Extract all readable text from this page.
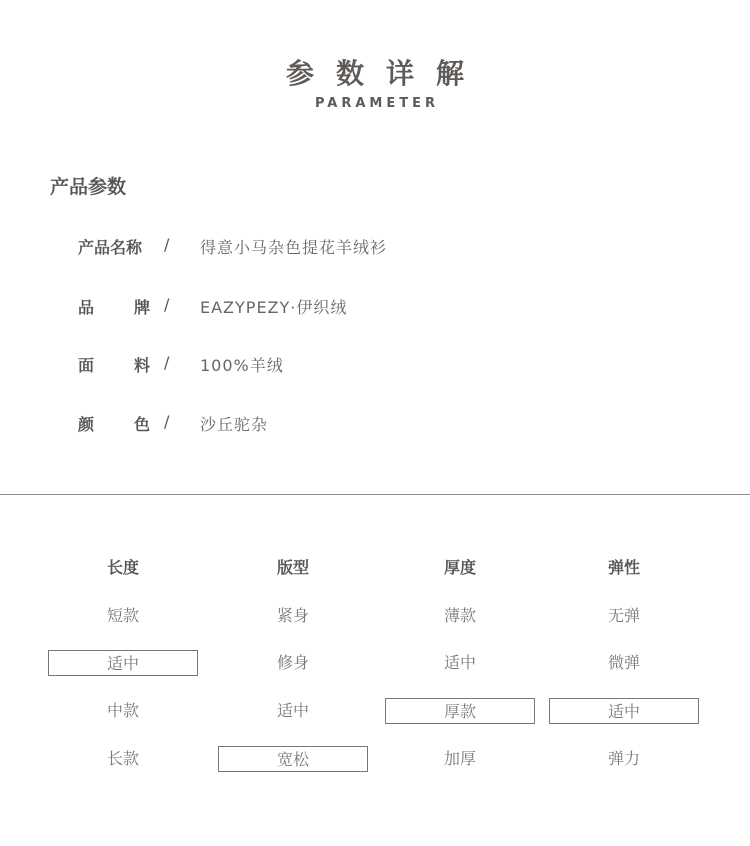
参数详解
PARAMETER
产品参数
产品名称	/ 得意小马杂色提花羊绒衫
品 牌 / EAZYPEZY·伊织绒
面 料 / 100%羊绒
颜 色 / 沙丘驼杂
长度
短款
适中
中款
长款
版型
紧身
修身
适中
宽松
厚度
薄款
适中
厚款
加厚
弹性
无弹
微弹
适中
弹力
